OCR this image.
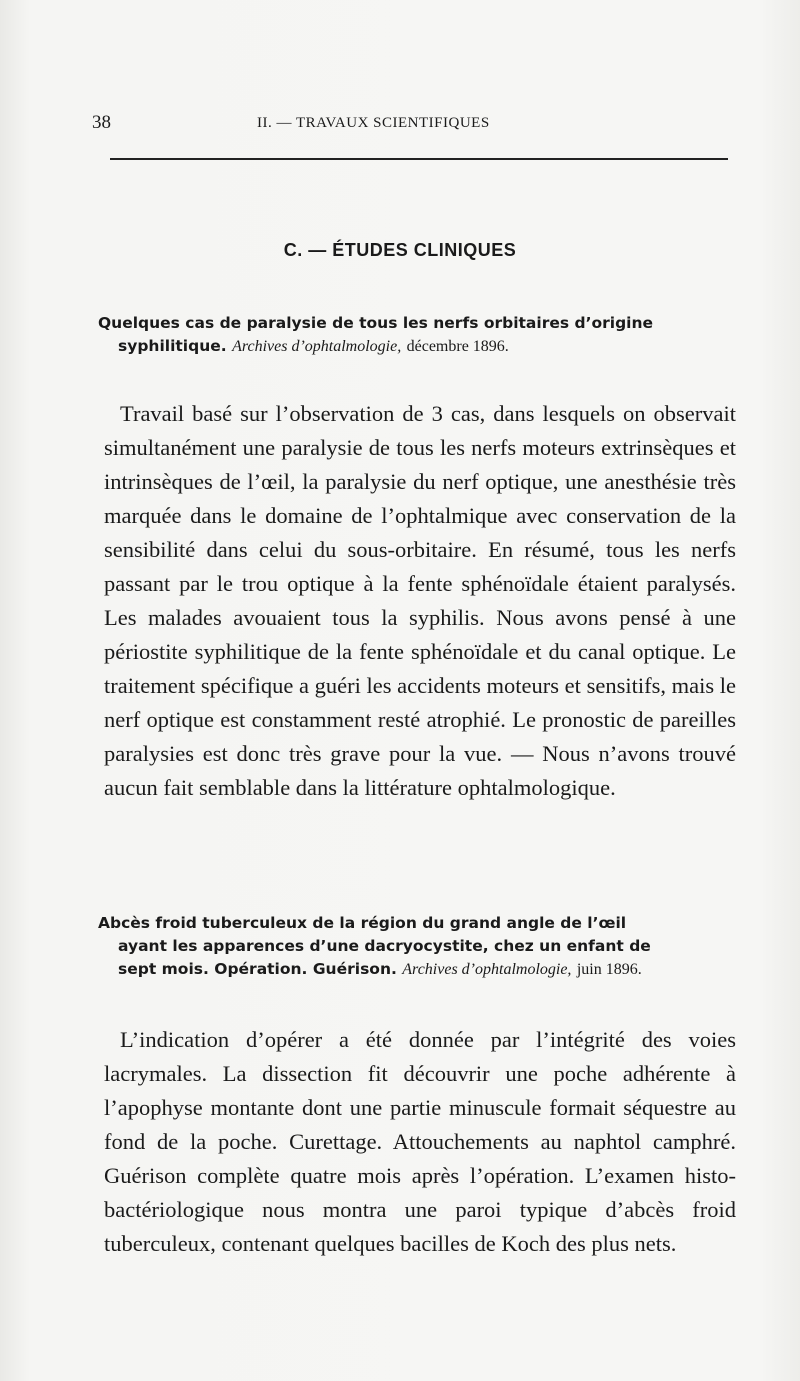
38	II. — TRAVAUX SCIENTIFIQUES
C. — ÉTUDES CLINIQUES
Quelques cas de paralysie de tous les nerfs orbitaires d’origine
syphilitique. Archives d’ophtalmologie, décembre 1896.

Travail basé sur l’observation de 3 cas, dans lesquels on observait simultanément une paralysie de tous les nerfs moteurs extrinsèques et intrinsèques de l’œil, la paralysie du nerf optique, une anesthésie très marquée dans le domaine de l’ophtalmique avec conservation de la sensibilité dans celui du sous-orbitaire. En résumé, tous les nerfs passant par le trou optique à la fente sphénoïdale étaient paralysés. Les malades avouaient tous la syphilis. Nous avons pensé à une périostite syphilitique de la fente sphénoïdale et du canal optique. Le traitement spécifique a guéri les accidents moteurs et sensitifs, mais le nerf optique est constamment resté atrophié. Le pronostic de pareilles paralysies est donc très grave pour la vue. — Nous n’avons trouvé aucun fait semblable dans la littérature ophtalmologique.

Abcès froid tuberculeux de la région du grand angle de l’œil
ayant les apparences d’une dacryocystite, chez un enfant de
sept mois. Opération. Guérison. Archives d’ophtalmologie, juin 1896.

L’indication d’opérer a été donnée par l’intégrité des voies lacrymales. La dissection fit découvrir une poche adhérente à l’apophyse montante dont une partie minuscule formait séquestre au fond de la poche. Curettage. Attouchements au naphtol camphré. Guérison complète quatre mois après l’opération. L’examen histo-bactériologique nous montra une paroi typique d’abcès froid tuberculeux, contenant quelques bacilles de Koch des plus nets.
